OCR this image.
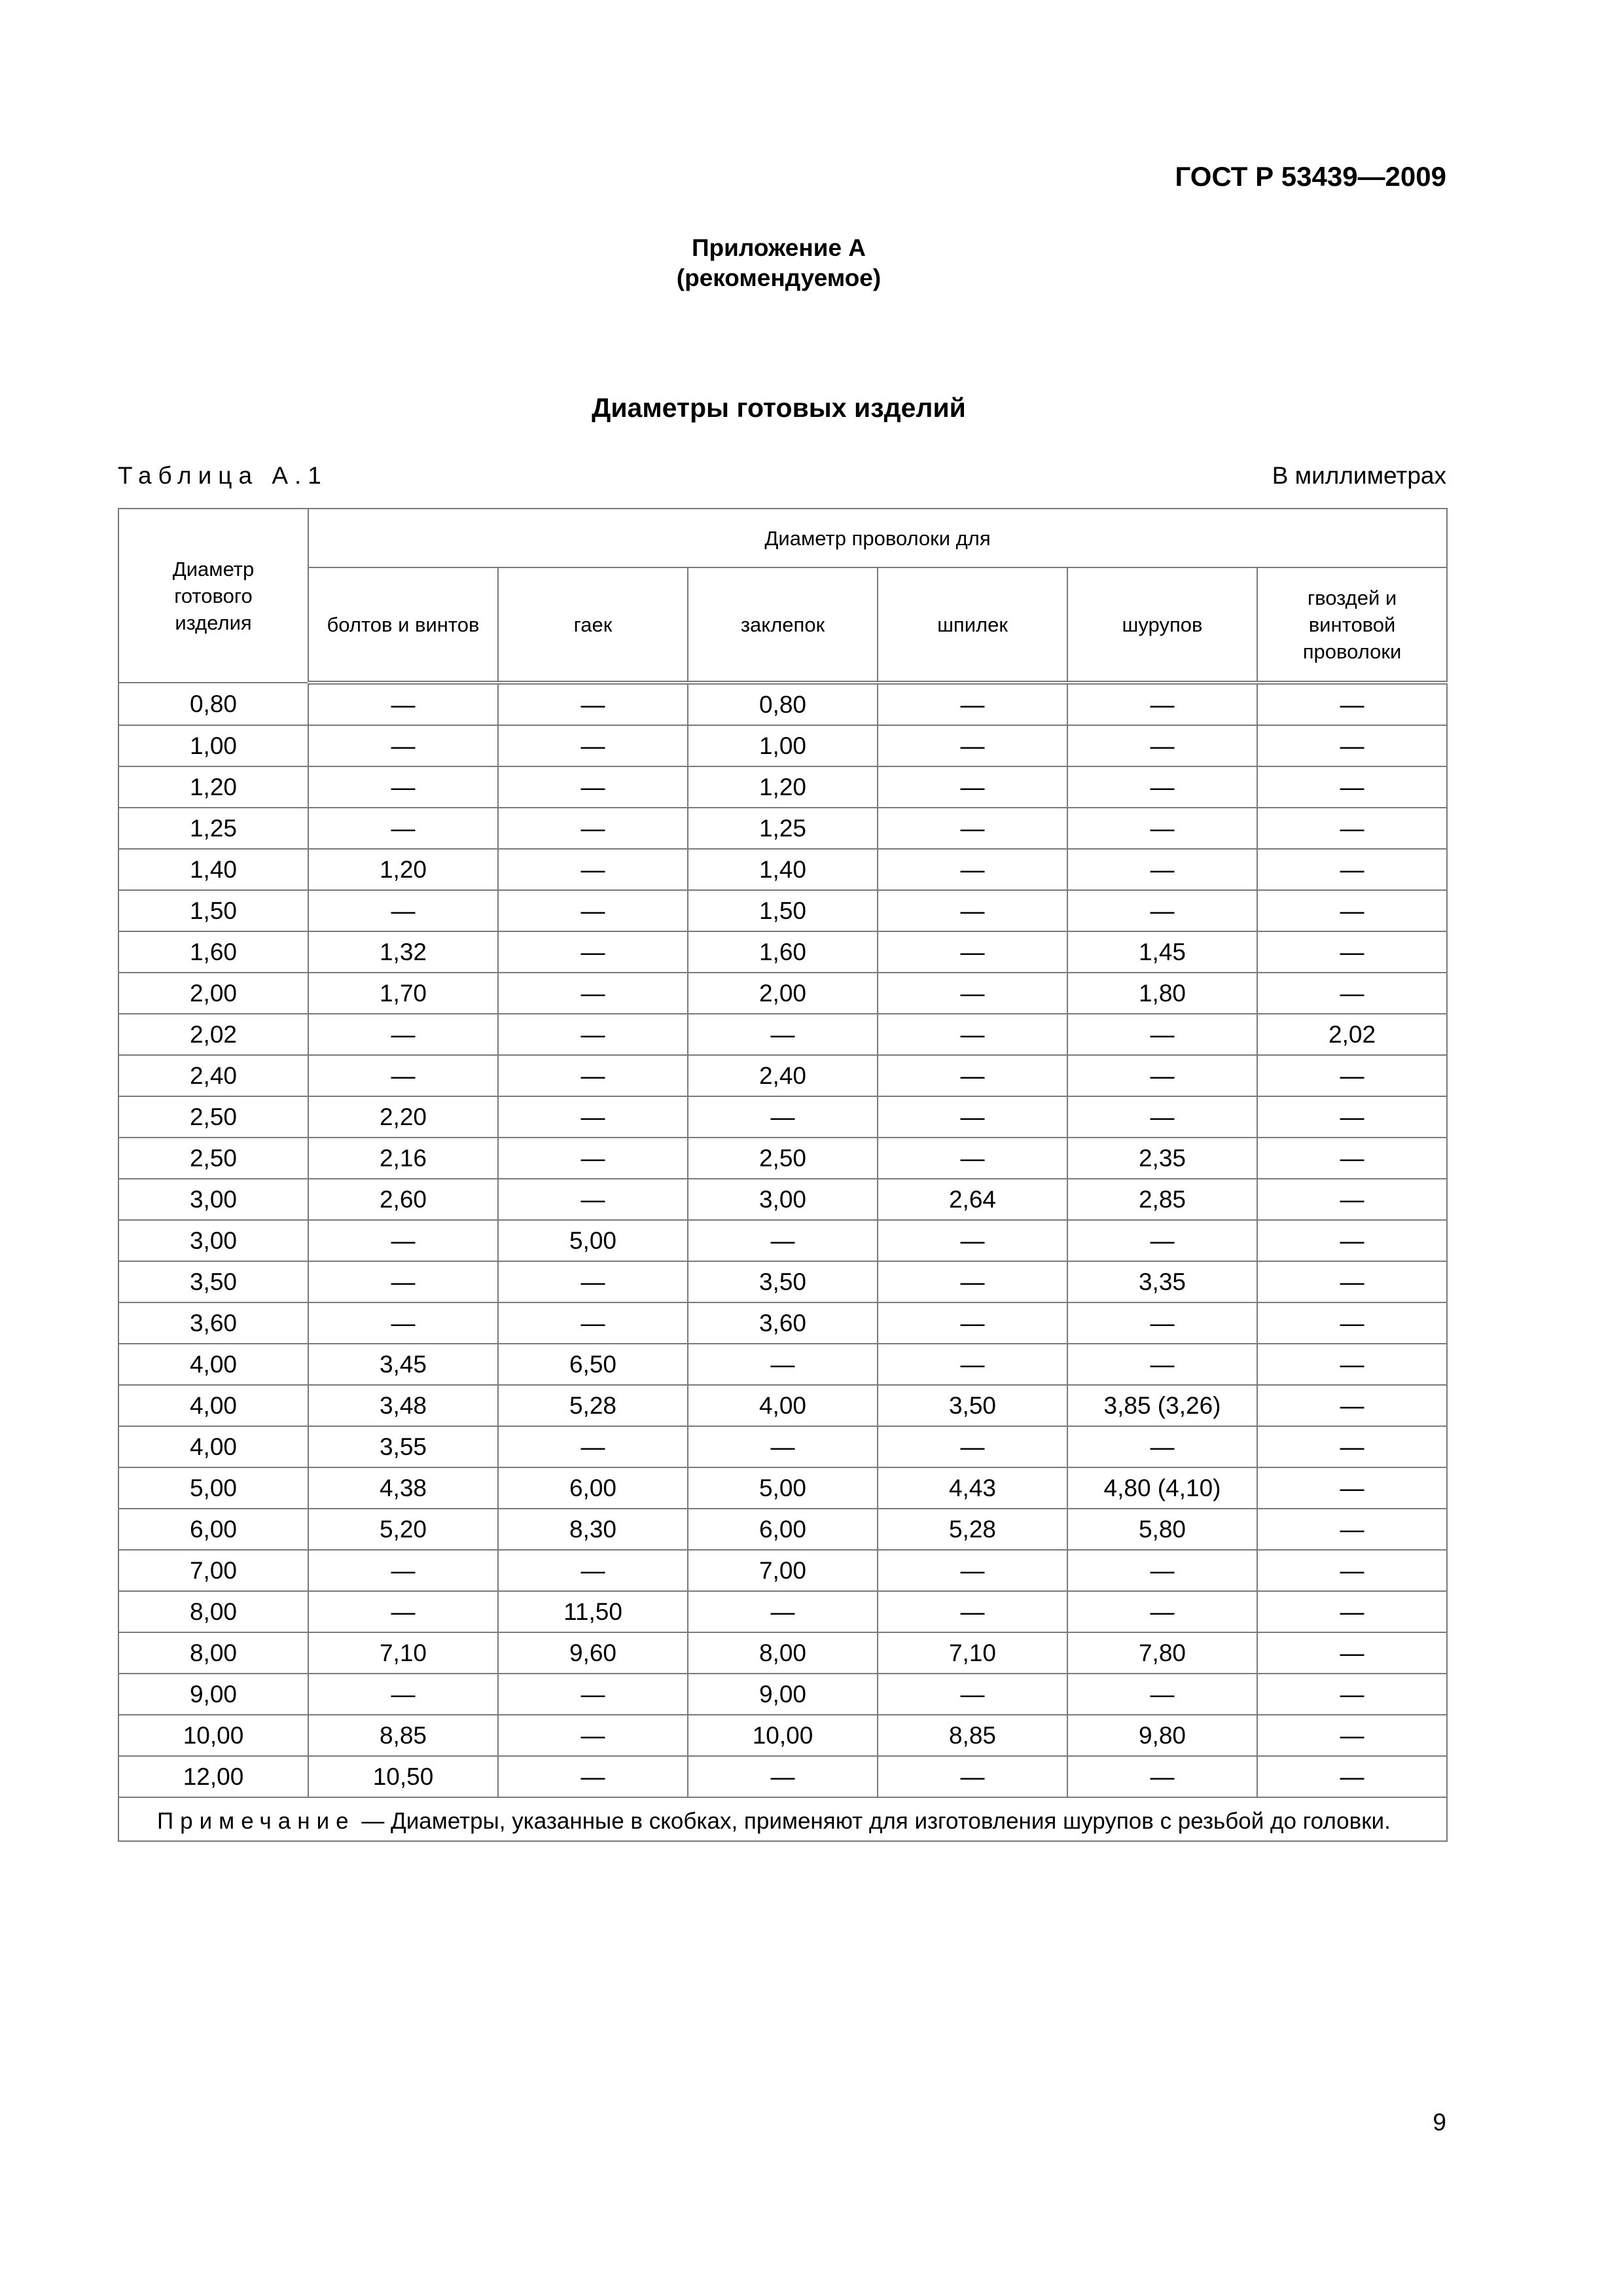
ГОСТ Р 53439—2009
Приложение А
(рекомендуемое)
Диаметры готовых изделий
Таблица А.1	В миллиметрах
Диаметр готового изделия	Диаметр проволоки для					
	болтов и винтов	гаек	заклепок	шпилек	шурупов	гвоздей и винтовой проволоки
0,80	—	—	0,80	—	—	—
1,00	—	—	1,00	—	—	—
1,20	—	—	1,20	—	—	—
1,25	—	—	1,25	—	—	—
1,40	1,20	—	1,40	—	—	—
1,50	—	—	1,50	—	—	—
1,60	1,32	—	1,60	—	1,45	—
2,00	1,70	—	2,00	—	1,80	—
2,02	—	—	—	—	—	2,02
2,40	—	—	2,40	—	—	—
2,50	2,20	—	—	—	—	—
2,50	2,16	—	2,50	—	2,35	—
3,00	2,60	—	3,00	2,64	2,85	—
3,00	—	5,00	—	—	—	—
3,50	—	—	3,50	—	3,35	—
3,60	—	—	3,60	—	—	—
4,00	3,45	6,50	—	—	—	—
4,00	3,48	5,28	4,00	3,50	3,85 (3,26)	—
4,00	3,55	—	—	—	—	—
5,00	4,38	6,00	5,00	4,43	4,80 (4,10)	—
6,00	5,20	8,30	6,00	5,28	5,80	—
7,00	—	—	7,00	—	—	—
8,00	—	11,50	—	—	—	—
8,00	7,10	9,60	8,00	7,10	7,80	—
9,00	—	—	9,00	—	—	—
10,00	8,85	—	10,00	8,85	9,80	—
12,00	10,50	—	—	—	—	—
Примечание — Диаметры, указанные в скобках, применяют для изготовления шурупов с резьбой до головки.						
9
